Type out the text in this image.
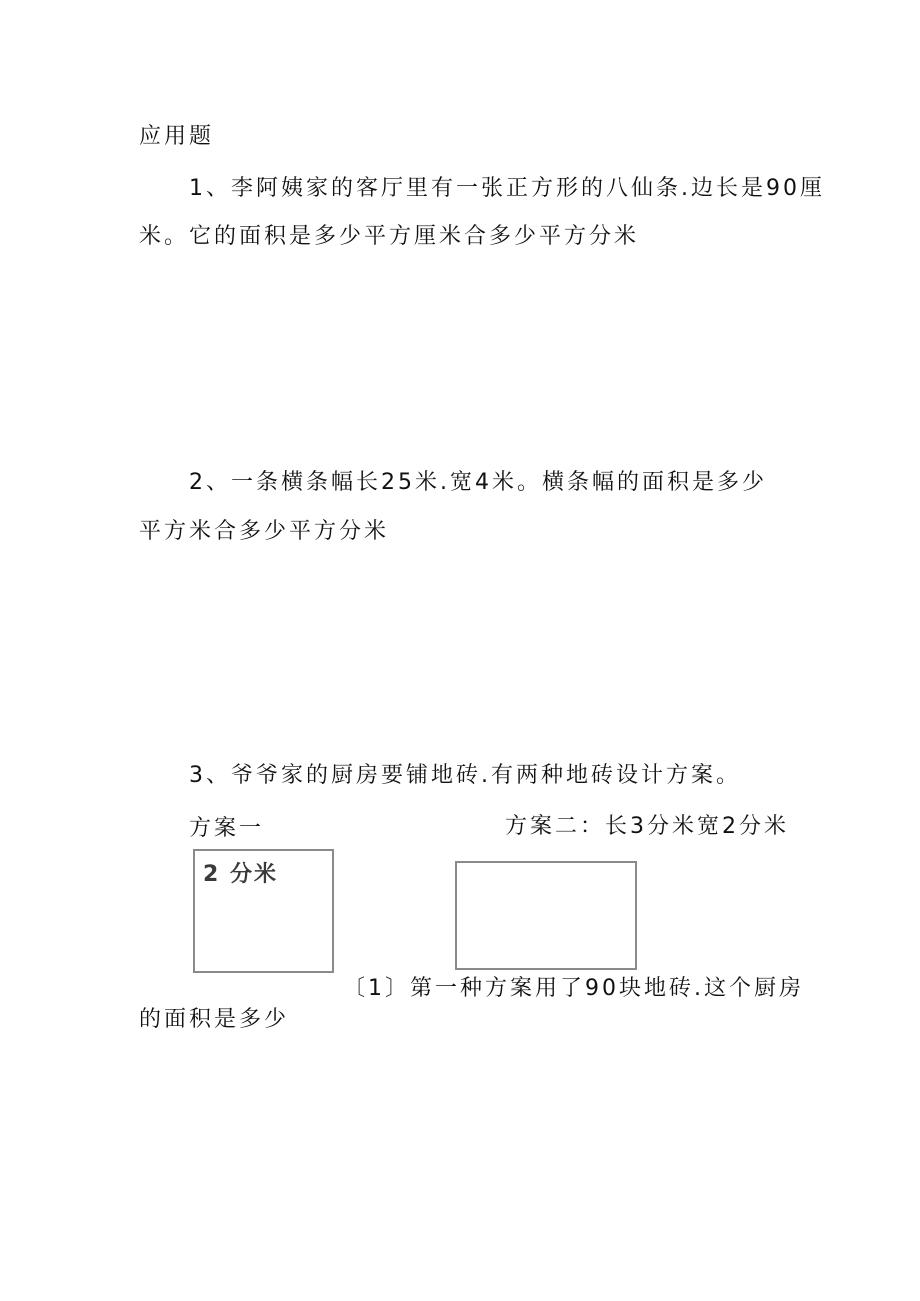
应用题
1、李阿姨家的客厅里有一张正方形的八仙条.边长是90厘
米。它的面积是多少平方厘米合多少平方分米
2、一条横条幅长25米.宽4米。横条幅的面积是多少
平方米合多少平方分米
3、爷爷家的厨房要铺地砖.有两种地砖设计方案。
方案一	方案二：长3分米宽2分米
2 分米
〔1〕第一种方案用了90块地砖.这个厨房
的面积是多少
